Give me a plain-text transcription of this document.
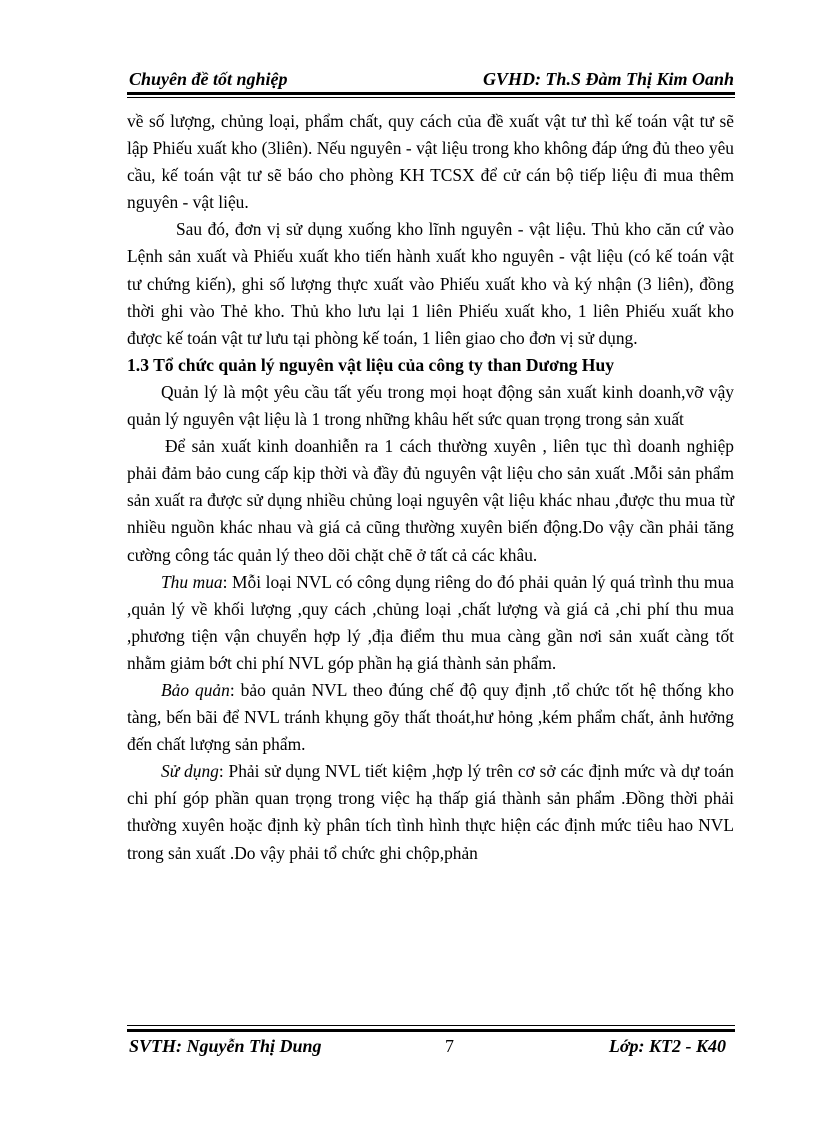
Chuyên đề tốt nghiệp	GVHD: Th.S Đàm Thị Kim Oanh

về số lượng, chủng loại, phẩm chất, quy cách của đề xuất vật tư thì kế toán vật tư sẽ lập Phiếu xuất kho (3liên). Nếu nguyên - vật liệu trong kho không đáp ứng đủ theo yêu cầu, kế toán vật tư sẽ báo cho phòng KH TCSX để cử cán bộ tiếp liệu đi mua thêm nguyên - vật liệu.

Sau đó, đơn vị sử dụng xuống kho lĩnh nguyên - vật liệu. Thủ kho căn cứ vào Lệnh sản xuất và Phiếu xuất kho tiến hành xuất kho nguyên - vật liệu (có kế toán vật tư chứng kiến), ghi số lượng thực xuất vào Phiếu xuất kho và ký nhận (3 liên), đồng thời ghi vào Thẻ kho. Thủ kho lưu lại 1 liên Phiếu xuất kho, 1 liên Phiếu xuất kho được kế toán vật tư lưu tại phòng kế toán, 1 liên giao cho đơn vị sử dụng.

1.3 Tổ chức quản lý nguyên vật liệu của công ty than Dương Huy

Quản lý là một yêu cầu tất yếu trong mọi hoạt động sản xuất kinh doanh,vỡ vậy quản lý nguyên vật liệu là 1 trong những khâu hết sức quan trọng trong sản xuất

Để sản xuất kinh doanhiễn ra 1 cách thường xuyên , liên tục thì doanh nghiệp phải đảm bảo cung cấp kịp thời và đầy đủ nguyên vật liệu cho sản xuất .Mỗi sản phẩm sản xuất ra được sử dụng nhiều chủng loại nguyên vật liệu khác nhau ,được thu mua từ nhiều nguồn khác nhau và giá cả cũng thường xuyên biến động.Do vậy cần phải tăng cường công tác quản lý theo dõi chặt chẽ ở tất cả các khâu.

Thu mua: Mỗi loại NVL có công dụng riêng do đó phải quản lý quá trình thu mua ,quản lý về khối lượng ,quy cách ,chủng loại ,chất lượng và giá cả ,chi phí thu mua ,phương tiện vận chuyển hợp lý ,địa điểm thu mua càng gần nơi sản xuất càng tốt nhằm giảm bớt chi phí NVL góp phần hạ giá thành sản phẩm.

Bảo quản: bảo quản NVL theo đúng chế độ quy định ,tổ chức tốt hệ thống kho tàng, bến bãi để NVL tránh khụng gõy thất thoát,hư hỏng ,kém phẩm chất, ảnh hưởng đến chất lượng sản phẩm.

Sử dụng: Phải sử dụng NVL tiết kiệm ,hợp lý trên cơ sở các định mức và dự toán chi phí góp phần quan trọng trong việc hạ thấp giá thành sản phẩm .Đồng thời phải thường xuyên hoặc định kỳ phân tích tình hình thực hiện các định mức tiêu hao NVL trong sản xuất .Do vậy phải tổ chức ghi chộp,phản

SVTH: Nguyễn Thị Dung	7	Lớp: KT2 - K40
